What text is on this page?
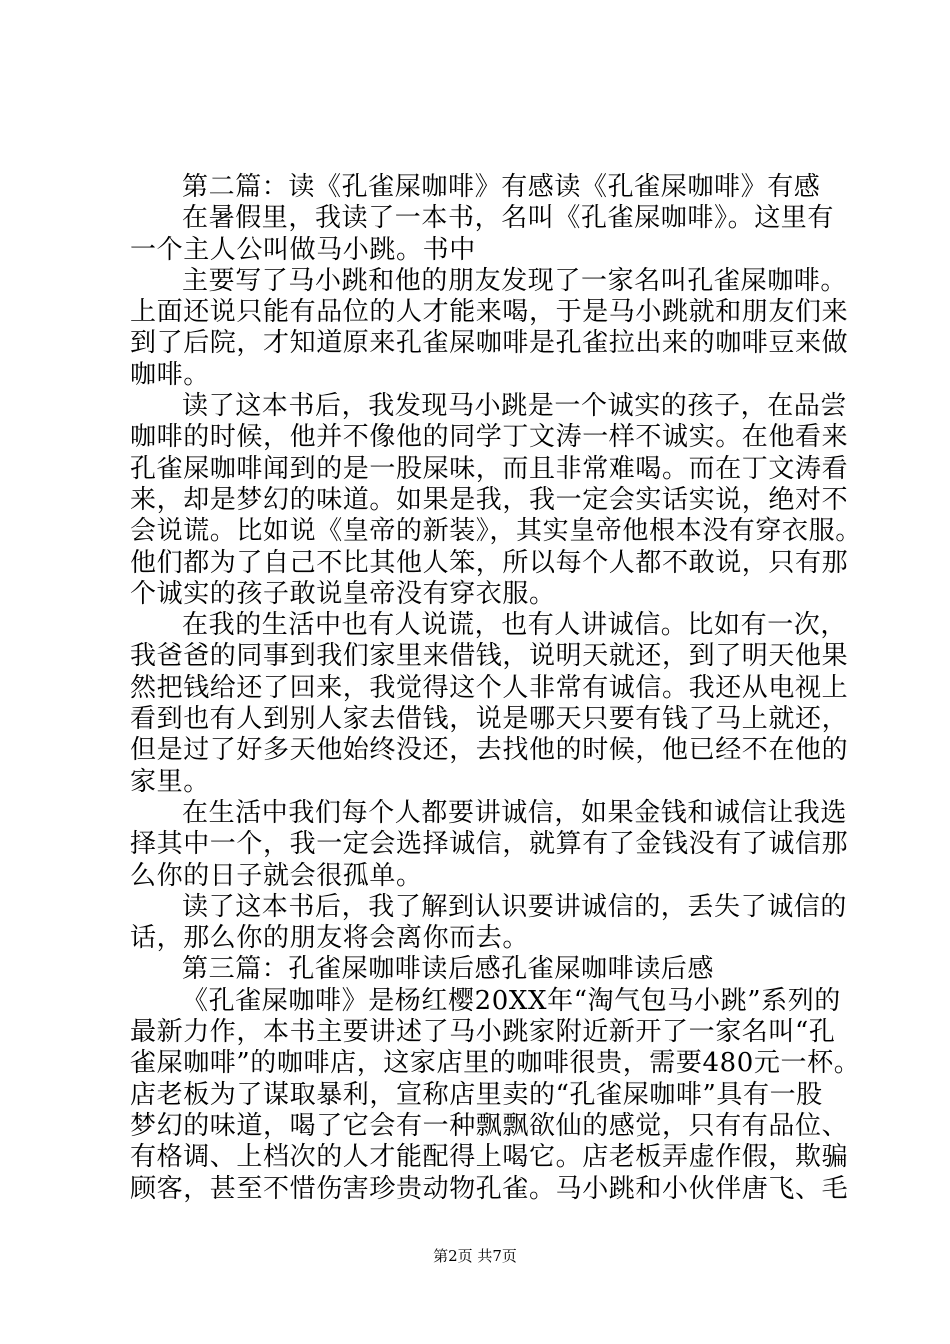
第二篇：读《孔雀屎咖啡》有感读《孔雀屎咖啡》有感
在暑假里，我读了一本书，名叫《孔雀屎咖啡》。这里有
一个主人公叫做马小跳。书中
主要写了马小跳和他的朋友发现了一家名叫孔雀屎咖啡。
上面还说只能有品位的人才能来喝，于是马小跳就和朋友们来
到了后院，才知道原来孔雀屎咖啡是孔雀拉出来的咖啡豆来做
咖啡。
读了这本书后，我发现马小跳是一个诚实的孩子，在品尝
咖啡的时候，他并不像他的同学丁文涛一样不诚实。在他看来
孔雀屎咖啡闻到的是一股屎味，而且非常难喝。而在丁文涛看
来，却是梦幻的味道。如果是我，我一定会实话实说，绝对不
会说谎。比如说《皇帝的新装》，其实皇帝他根本没有穿衣服。
他们都为了自己不比其他人笨，所以每个人都不敢说，只有那
个诚实的孩子敢说皇帝没有穿衣服。
在我的生活中也有人说谎，也有人讲诚信。比如有一次，
我爸爸的同事到我们家里来借钱，说明天就还，到了明天他果
然把钱给还了回来，我觉得这个人非常有诚信。我还从电视上
看到也有人到别人家去借钱，说是哪天只要有钱了马上就还，
但是过了好多天他始终没还，去找他的时候，他已经不在他的
家里。
在生活中我们每个人都要讲诚信，如果金钱和诚信让我选
择其中一个，我一定会选择诚信，就算有了金钱没有了诚信那
么你的日子就会很孤单。
读了这本书后，我了解到认识要讲诚信的，丢失了诚信的
话，那么你的朋友将会离你而去。
第三篇：孔雀屎咖啡读后感孔雀屎咖啡读后感
《孔雀屎咖啡》是杨红樱20XX年“淘气包马小跳”系列的
最新力作，本书主要讲述了马小跳家附近新开了一家名叫“孔
雀屎咖啡”的咖啡店，这家店里的咖啡很贵，需要480元一杯。
店老板为了谋取暴利，宣称店里卖的“孔雀屎咖啡”具有一股
梦幻的味道，喝了它会有一种飘飘欲仙的感觉，只有有品位、
有格调、上档次的人才能配得上喝它。店老板弄虚作假，欺骗
顾客，甚至不惜伤害珍贵动物孔雀。马小跳和小伙伴唐飞、毛
第2页 共7页
